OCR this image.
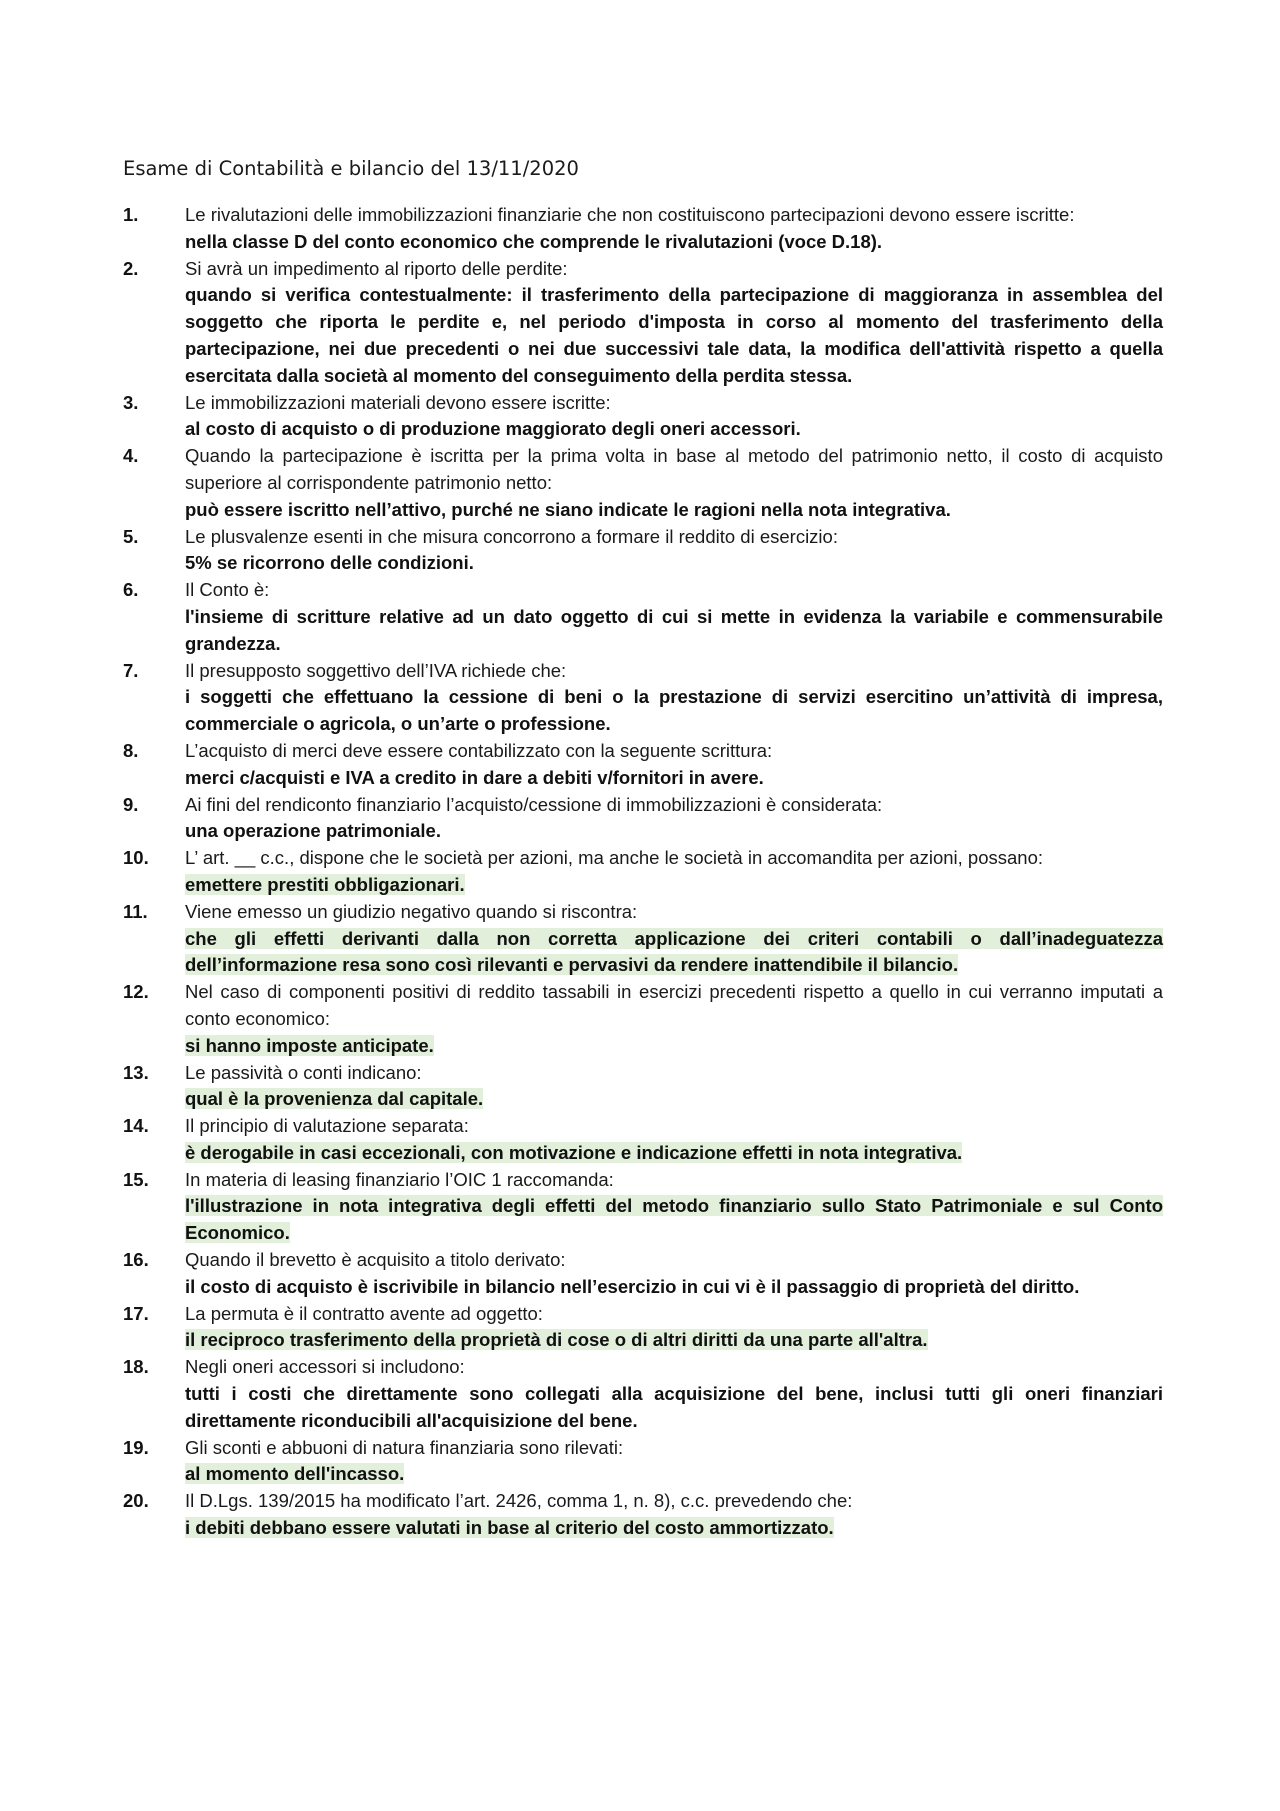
Esame di Contabilità e bilancio del 13/11/2020
1.	Le rivalutazioni delle immobilizzazioni finanziarie che non costituiscono partecipazioni devono essere iscritte:

nella classe D del conto economico che comprende le rivalutazioni (voce D.18).

2.	Si avrà un impedimento al riporto delle perdite:

quando si verifica contestualmente: il trasferimento della partecipazione di maggioranza in assemblea del soggetto che riporta le perdite e, nel periodo d'imposta in corso al momento del trasferimento della partecipazione, nei due precedenti o nei due successivi tale data, la modifica dell'attività rispetto a quella esercitata dalla società al momento del conseguimento della perdita stessa.

3.	Le immobilizzazioni materiali devono essere iscritte:

al costo di acquisto o di produzione maggiorato degli oneri accessori.

4.	Quando la partecipazione è iscritta per la prima volta in base al metodo del patrimonio netto, il costo di acquisto superiore al corrispondente patrimonio netto:

può essere iscritto nell’attivo, purché ne siano indicate le ragioni nella nota integrativa.

5.	Le plusvalenze esenti in che misura concorrono a formare il reddito di esercizio:

5% se ricorrono delle condizioni.

6.	Il Conto è:

l'insieme di scritture relative ad un dato oggetto di cui si mette in evidenza la variabile e commensurabile grandezza.

7.	Il presupposto soggettivo dell’IVA richiede che:

i soggetti che effettuano la cessione di beni o la prestazione di servizi esercitino un’attività di impresa, commerciale o agricola, o un’arte o professione.

8.	L’acquisto di merci deve essere contabilizzato con la seguente scrittura:

merci c/acquisti e IVA a credito in dare a debiti v/fornitori in avere.

9.	Ai fini del rendiconto finanziario l’acquisto/cessione di immobilizzazioni è considerata:

una operazione patrimoniale.

10.	L’ art. __ c.c., dispone che le società per azioni, ma anche le società in accomandita per azioni, possano:

emettere prestiti obbligazionari.

11.	Viene emesso un giudizio negativo quando si riscontra:

che gli effetti derivanti dalla non corretta applicazione dei criteri contabili o dall’inadeguatezza dell’informazione resa sono così rilevanti e pervasivi da rendere inattendibile il bilancio.

12.	Nel caso di componenti positivi di reddito tassabili in esercizi precedenti rispetto a quello in cui verranno imputati a conto economico:

si hanno imposte anticipate.

13.	Le passività o conti indicano:

qual è la provenienza dal capitale.

14.	Il principio di valutazione separata:

è derogabile in casi eccezionali, con motivazione e indicazione effetti in nota integrativa.

15.	In materia di leasing finanziario l’OIC 1 raccomanda:

l'illustrazione in nota integrativa degli effetti del metodo finanziario sullo Stato Patrimoniale e sul Conto Economico.

16.	Quando il brevetto è acquisito a titolo derivato:

il costo di acquisto è iscrivibile in bilancio nell’esercizio in cui vi è il passaggio di proprietà del diritto.

17.	La permuta è il contratto avente ad oggetto:

il reciproco trasferimento della proprietà di cose o di altri diritti da una parte all'altra.

18.	Negli oneri accessori si includono:

tutti i costi che direttamente sono collegati alla acquisizione del bene, inclusi tutti gli oneri finanziari direttamente riconducibili all'acquisizione del bene.

19.	Gli sconti e abbuoni di natura finanziaria sono rilevati:

al momento dell'incasso.

20.	Il D.Lgs. 139/2015 ha modificato l’art. 2426, comma 1, n. 8), c.c. prevedendo che:

i debiti debbano essere valutati in base al criterio del costo ammortizzato.
